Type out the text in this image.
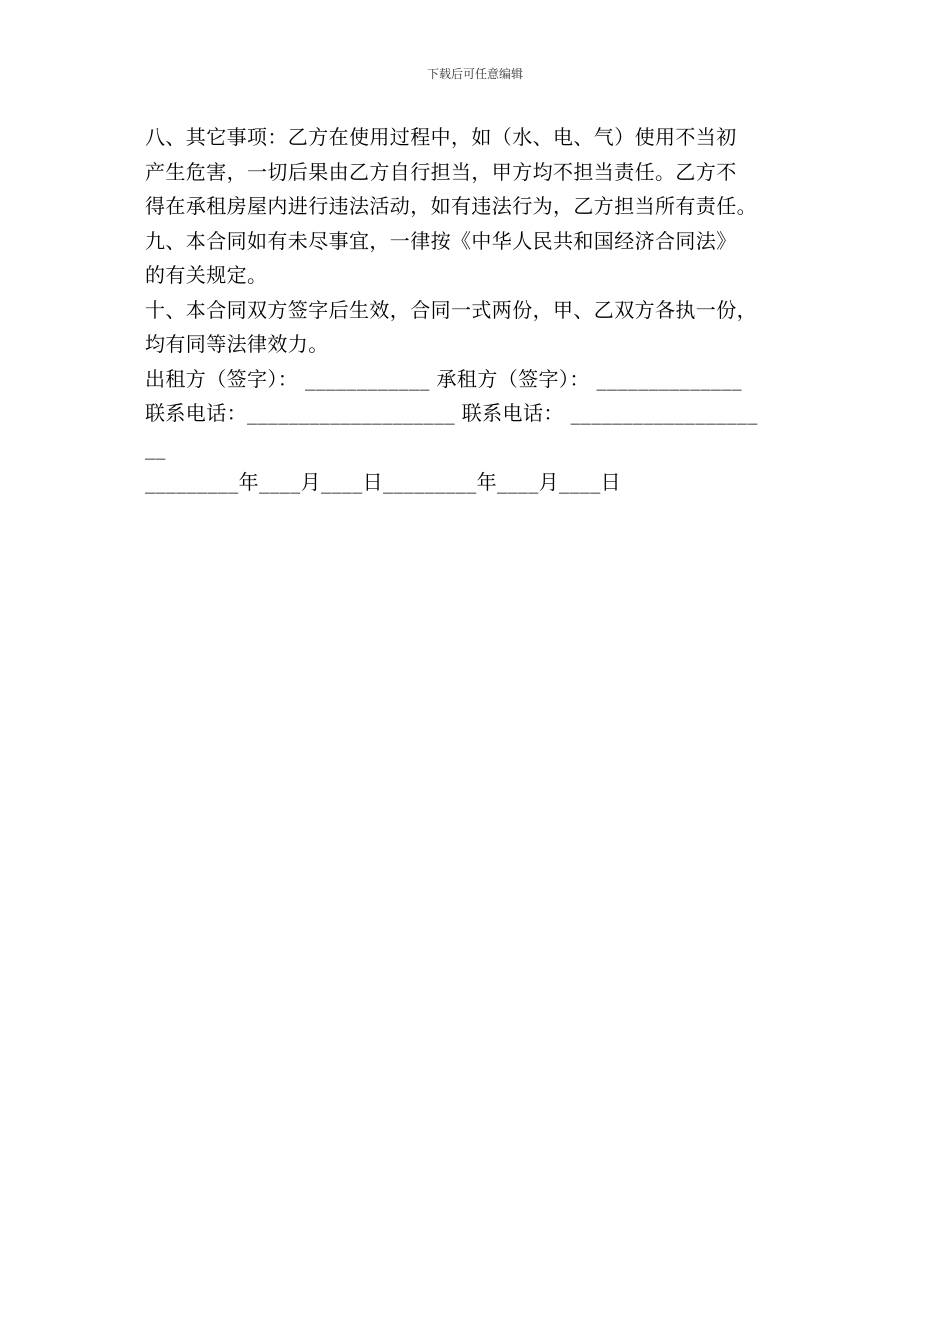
下载后可任意编辑
八、其它事项：乙方在使用过程中，如（水、电、气）使用不当初
产生危害，一切后果由乙方自行担当，甲方均不担当责任。乙方不
得在承租房屋内进行违法活动，如有违法行为，乙方担当所有责任。
九、本合同如有未尽事宜，一律按《中华人民共和国经济合同法》
的有关规定。
十、本合同双方签字后生效，合同一式两份，甲、乙双方各执一份，
均有同等法律效力。
出租方（签字）： ____________ 承租方（签字）： ______________
联系电话：____________________ 联系电话： __________________
__
_________年____月____日_________年____月____日
